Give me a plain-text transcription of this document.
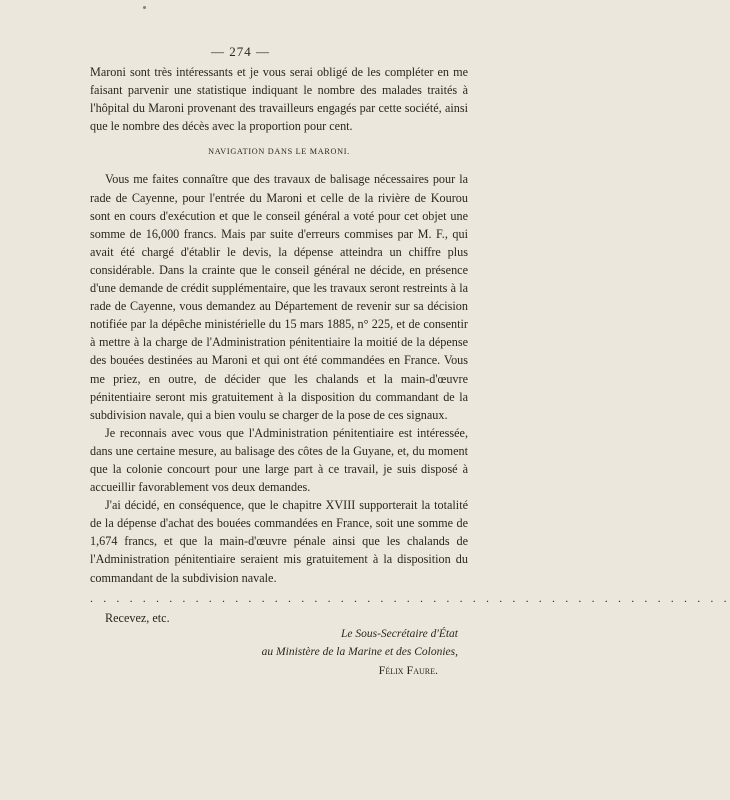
— 274 —

Maroni sont très intéressants et je vous serai obligé de les compléter en me faisant parvenir une statistique indiquant le nombre des malades traités à l'hôpital du Maroni provenant des travailleurs engagés par cette société, ainsi que le nombre des décès avec la proportion pour cent.

NAVIGATION DANS LE MARONI.

Vous me faites connaître que des travaux de balisage nécessaires pour la rade de Cayenne, pour l'entrée du Maroni et celle de la rivière de Kourou sont en cours d'exécution et que le conseil général a voté pour cet objet une somme de 16,000 francs. Mais par suite d'erreurs commises par M. F., qui avait été chargé d'établir le devis, la dépense atteindra un chiffre plus considérable. Dans la crainte que le conseil général ne décide, en présence d'une demande de crédit supplémentaire, que les travaux seront restreints à la rade de Cayenne, vous demandez au Département de revenir sur sa décision notifiée par la dépêche ministérielle du 15 mars 1885, n° 225, et de consentir à mettre à la charge de l'Administration pénitentiaire la moitié de la dépense des bouées destinées au Maroni et qui ont été commandées en France. Vous me priez, en outre, de décider que les chalands et la main-d'œuvre pénitentiaire seront mis gratuitement à la disposition du commandant de la subdivision navale, qui a bien voulu se charger de la pose de ces signaux.

Je reconnais avec vous que l'Administration pénitentiaire est intéressée, dans une certaine mesure, au balisage des côtes de la Guyane, et, du moment que la colonie concourt pour une large part à ce travail, je suis disposé à accueillir favorablement vos deux demandes.

J'ai décidé, en conséquence, que le chapitre XVIII supporterait la totalité de la dépense d'achat des bouées commandées en France, soit une somme de 1,674 francs, et que la main-d'œuvre pénale ainsi que les chalands de l'Administration pénitentiaire seraient mis gratuitement à la disposition du commandant de la subdivision navale.

. . . . . . . . . . . . . . . . . . . . . . . . . . . . . . . . . . . . . . . . . . . . . . . . .

Recevez, etc.

Le Sous-Secrétaire d'État

au Ministère de la Marine et des Colonies,

Félix Faure.
